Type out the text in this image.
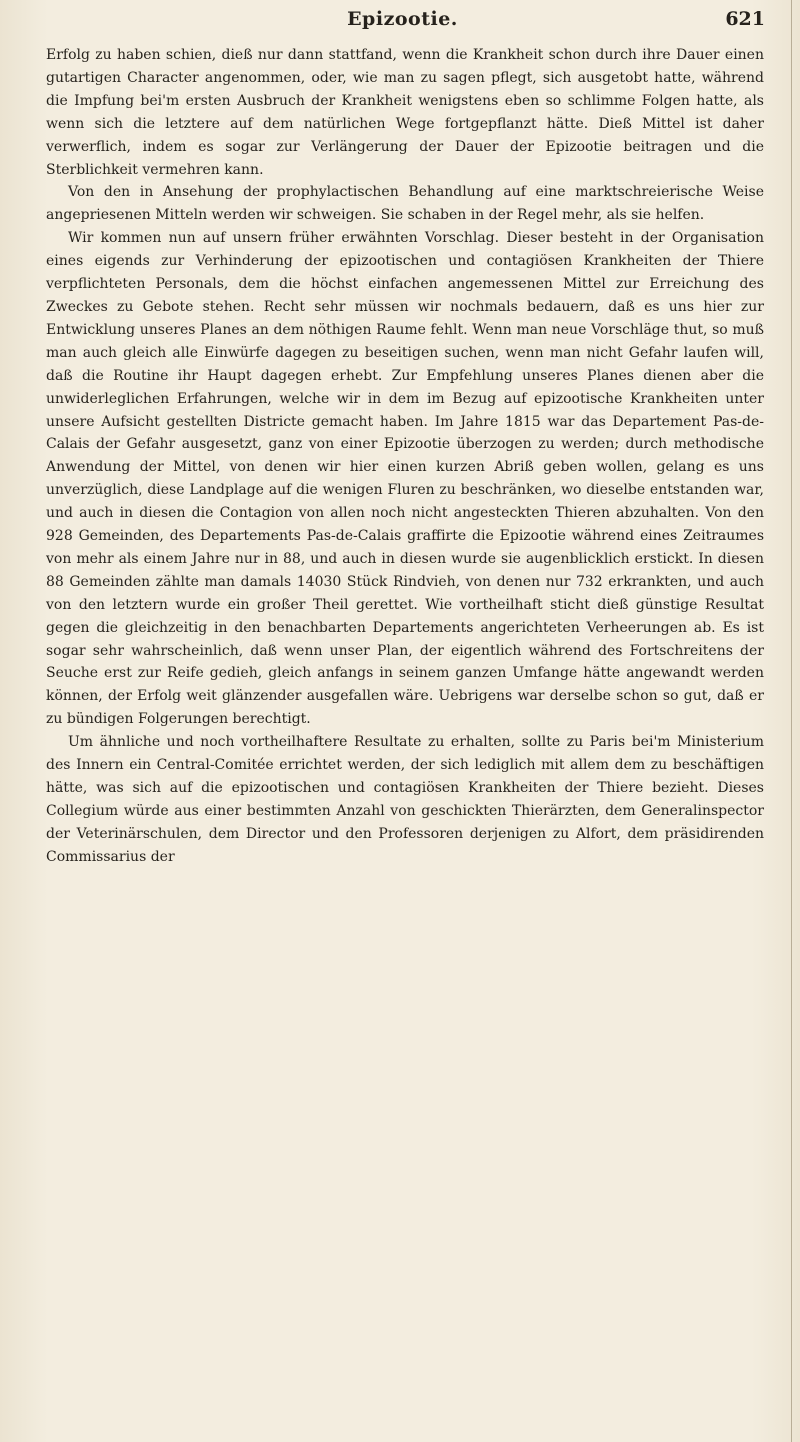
Epizootie.	621

Erfolg zu haben schien, dieß nur dann stattfand, wenn die Krankheit schon durch ihre Dauer einen gutartigen Character angenommen, oder, wie man zu sagen pflegt, sich ausgetobt hatte, während die Impfung bei'm ersten Ausbruch der Krankheit wenigstens eben so schlimme Folgen hatte, als wenn sich die letztere auf dem natürlichen Wege fortgepflanzt hätte. Dieß Mittel ist daher verwerflich, indem es sogar zur Verlängerung der Dauer der Epizootie beitragen und die Sterblichkeit vermehren kann.

Von den in Ansehung der prophylactischen Behandlung auf eine marktschreierische Weise angepriesenen Mitteln werden wir schweigen. Sie schaben in der Regel mehr, als sie helfen.

Wir kommen nun auf unsern früher erwähnten Vorschlag. Dieser besteht in der Organisation eines eigends zur Verhinderung der epizootischen und contagiösen Krankheiten der Thiere verpflichteten Personals, dem die höchst einfachen angemessenen Mittel zur Erreichung des Zweckes zu Gebote stehen. Recht sehr müssen wir nochmals bedauern, daß es uns hier zur Entwicklung unseres Planes an dem nöthigen Raume fehlt. Wenn man neue Vorschläge thut, so muß man auch gleich alle Einwürfe dagegen zu beseitigen suchen, wenn man nicht Gefahr laufen will, daß die Routine ihr Haupt dagegen erhebt. Zur Empfehlung unseres Planes dienen aber die unwiderleglichen Erfahrungen, welche wir in dem im Bezug auf epizootische Krankheiten unter unsere Aufsicht gestellten Districte gemacht haben. Im Jahre 1815 war das Departement Pas-de-Calais der Gefahr ausgesetzt, ganz von einer Epizootie überzogen zu werden; durch methodische Anwendung der Mittel, von denen wir hier einen kurzen Abriß geben wollen, gelang es uns unverzüglich, diese Landplage auf die wenigen Fluren zu beschränken, wo dieselbe entstanden war, und auch in diesen die Contagion von allen noch nicht angesteckten Thieren abzuhalten. Von den 928 Gemeinden, des Departements Pas-de-Calais graffirte die Epizootie während eines Zeitraumes von mehr als einem Jahre nur in 88, und auch in diesen wurde sie augenblicklich erstickt. In diesen 88 Gemeinden zählte man damals 14030 Stück Rindvieh, von denen nur 732 erkrankten, und auch von den letztern wurde ein großer Theil gerettet. Wie vortheilhaft sticht dieß günstige Resultat gegen die gleichzeitig in den benachbarten Departements angerichteten Verheerungen ab. Es ist sogar sehr wahrscheinlich, daß wenn unser Plan, der eigentlich während des Fortschreitens der Seuche erst zur Reife gedieh, gleich anfangs in seinem ganzen Umfange hätte angewandt werden können, der Erfolg weit glänzender ausgefallen wäre. Uebrigens war derselbe schon so gut, daß er zu bündigen Folgerungen berechtigt.

Um ähnliche und noch vortheilhaftere Resultate zu erhalten, sollte zu Paris bei'm Ministerium des Innern ein Central-Comitée errichtet werden, der sich lediglich mit allem dem zu beschäftigen hätte, was sich auf die epizootischen und contagiösen Krankheiten der Thiere bezieht. Dieses Collegium würde aus einer bestimmten Anzahl von geschickten Thierärzten, dem Generalinspector der Veterinärschulen, dem Director und den Professoren derjenigen zu Alfort, dem präsidirenden Commissarius der
